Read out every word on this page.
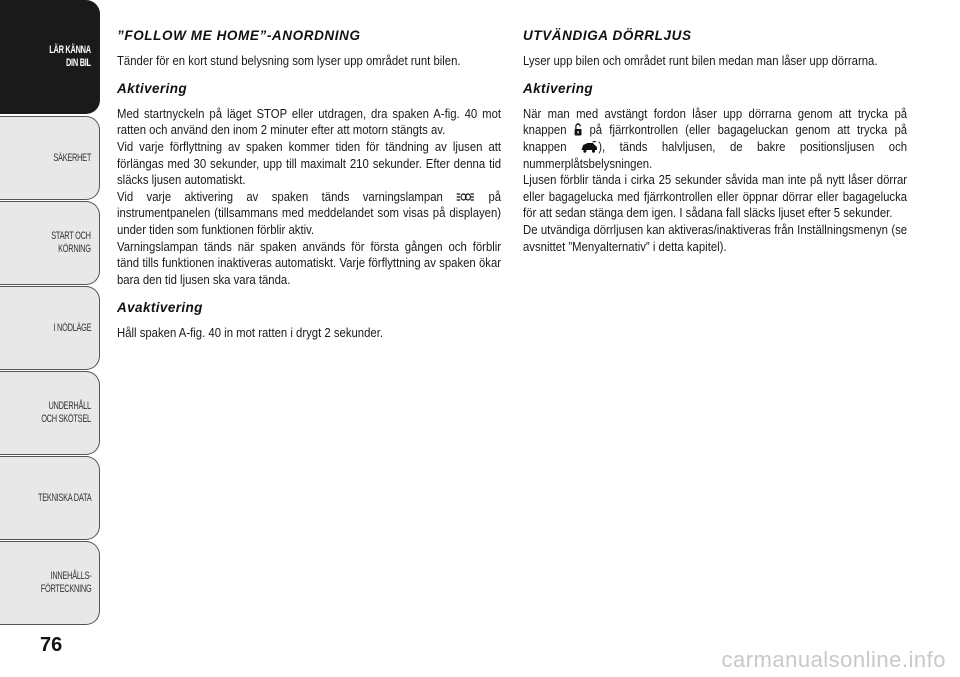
LÄR KÄNNA
DIN BIL
SÄKERHET
START OCH
KÖRNING
I NÖDLÄGE
UNDERHÅLL
OCH SKÖTSEL
TEKNISKA DATA
INNEHÅLLS-
FÖRTECKNING
76
”FOLLOW ME HOME”-ANORDNING

Tänder för en kort stund belysning som lyser upp området runt bilen.

Aktivering

Med startnyckeln på läget STOP eller utdragen, dra spaken A-fig. 40 mot ratten och använd den inom 2 minuter efter att motorn stängts av.

Vid varje förflyttning av spaken kommer tiden för tändning av ljusen att förlängas med 30 sekunder, upp till maximalt 210 sekunder. Efter denna tid släcks ljusen automatiskt.

Vid varje aktivering av spaken tänds varningslampan	på instrumentpanelen (tillsammans med meddelandet som visas på displayen) under tiden som funktionen förblir aktiv.

Varningslampan tänds när spaken används för första gången och förblir tänd tills funktionen inaktiveras automatiskt. Varje förflyttning av spaken ökar bara den tid ljusen ska vara tända.

Avaktivering

Håll spaken A-fig. 40 in mot ratten i drygt 2 sekunder.

UTVÄNDIGA DÖRRLJUS

Lyser upp bilen och området runt bilen medan man låser upp dörrarna.

Aktivering

När man med avstängt fordon låser upp dörrarna genom att trycka på knappen på fjärrkontrollen (eller bagageluckan genom att trycka på knappen ), tänds halvljusen, de bakre positionsljusen och nummerplåtsbelysningen.

Ljusen förblir tända i cirka 25 sekunder såvida man inte på nytt låser dörrar eller bagagelucka med fjärrkontrollen eller öppnar dörrar eller bagagelucka för att sedan stänga dem igen. I sådana fall släcks ljuset efter 5 sekunder.

De utvändiga dörrljusen kan aktiveras/inaktiveras från Inställningsmenyn (se avsnittet ”Menyalternativ” i detta kapitel).

carmanualsonline.info
